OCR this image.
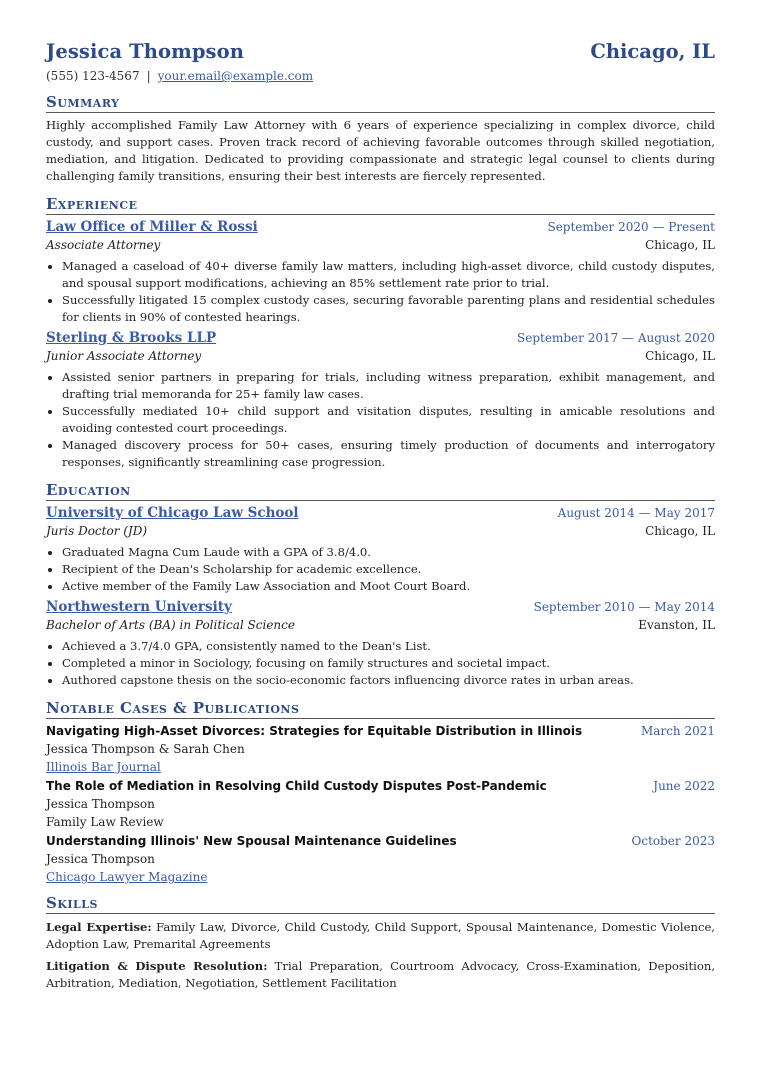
Jessica Thompson	Chicago, IL
(555) 123-4567 | your.email@example.com
Summary
Highly accomplished Family Law Attorney with 6 years of experience specializing in complex divorce, child custody, and support cases. Proven track record of achieving favorable outcomes through skilled negotiation, mediation, and litigation. Dedicated to providing compassionate and strategic legal counsel to clients during challenging family transitions, ensuring their best interests are fiercely represented.
Experience
Law Office of Miller & Rossi	September 2020 — Present
Associate Attorney	Chicago, IL
• Managed a caseload of 40+ diverse family law matters, including high-asset divorce, child custody disputes, and spousal support modifications, achieving an 85% settlement rate prior to trial.
• Successfully litigated 15 complex custody cases, securing favorable parenting plans and residential schedules for clients in 90% of contested hearings.
Sterling & Brooks LLP	September 2017 — August 2020
Junior Associate Attorney	Chicago, IL
• Assisted senior partners in preparing for trials, including witness preparation, exhibit management, and drafting trial memoranda for 25+ family law cases.
• Successfully mediated 10+ child support and visitation disputes, resulting in amicable resolutions and avoiding contested court proceedings.
• Managed discovery process for 50+ cases, ensuring timely production of documents and interrogatory responses, significantly streamlining case progression.
Education
University of Chicago Law School	August 2014 — May 2017
Juris Doctor (JD)	Chicago, IL
• Graduated Magna Cum Laude with a GPA of 3.8/4.0.
• Recipient of the Dean's Scholarship for academic excellence.
• Active member of the Family Law Association and Moot Court Board.
Northwestern University	September 2010 — May 2014
Bachelor of Arts (BA) in Political Science	Evanston, IL
• Achieved a 3.7/4.0 GPA, consistently named to the Dean's List.
• Completed a minor in Sociology, focusing on family structures and societal impact.
• Authored capstone thesis on the socio-economic factors influencing divorce rates in urban areas.
Notable Cases & Publications
Navigating High-Asset Divorces: Strategies for Equitable Distribution in Illinois	March 2021
Jessica Thompson & Sarah Chen
Illinois Bar Journal
The Role of Mediation in Resolving Child Custody Disputes Post-Pandemic	June 2022
Jessica Thompson
Family Law Review
Understanding Illinois' New Spousal Maintenance Guidelines	October 2023
Jessica Thompson
Chicago Lawyer Magazine
Skills
Legal Expertise: Family Law, Divorce, Child Custody, Child Support, Spousal Maintenance, Domestic Violence, Adoption Law, Premarital Agreements
Litigation & Dispute Resolution: Trial Preparation, Courtroom Advocacy, Cross-Examination, Deposition, Arbitration, Mediation, Negotiation, Settlement Facilitation
